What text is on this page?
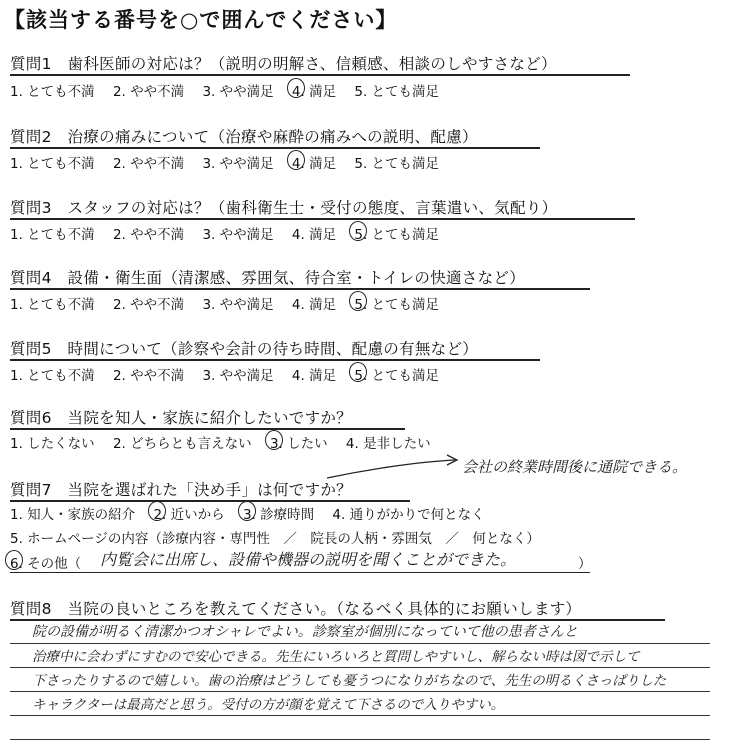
【該当する番号を○で囲んでください】
質問1　歯科医師の対応は？（説明の明解さ、信頼感、相談のしやすさなど）
1. とても不満 2. やや不満 3. やや満足 4. 満足 5. とても満足
質問2　治療の痛みについて（治療や麻酔の痛みへの説明、配慮）
1. とても不満 2. やや不満 3. やや満足 4. 満足 5. とても満足
質問3　スタッフの対応は？（歯科衛生士・受付の態度、言葉遣い、気配り）
1. とても不満 2. やや不満 3. やや満足 4. 満足 5. とても満足
質問4　設備・衛生面（清潔感、雰囲気、待合室・トイレの快適さなど）
1. とても不満 2. やや不満 3. やや満足 4. 満足 5. とても満足
質問5　時間について（診察や会計の待ち時間、配慮の有無など）
1. とても不満 2. やや不満 3. やや満足 4. 満足 5. とても満足
質問6　当院を知人・家族に紹介したいですか？
1. したくない 2. どちらとも言えない 3. したい 4. 是非したい
質問7　当院を選ばれた「決め手」は何ですか？
会社の終業時間後に通院できる。
1. 知人・家族の紹介 2. 近いから 3. 診療時間 4. 通りがかりで何となく
5. ホームページの内容（診療内容・専門性　／　院長の人柄・雰囲気　／　何となく）
6. その他（ 内覧会に出席し、設備や機器の説明を聞くことができた。	）
質問8　当院の良いところを教えてください。（なるべく具体的にお願いします）
院の設備が明るく清潔かつオシャレでよい。診察室が個別になっていて他の患者さんと
治療中に会わずにすむので安心できる。先生にいろいろと質問しやすいし、解らない時は図で示して
下さったりするので嬉しい。歯の治療はどうしても憂うつになりがちなので、先生の明るくさっぱりした
キャラクターは最高だと思う。受付の方が顔を覚えて下さるので入りやすい。
